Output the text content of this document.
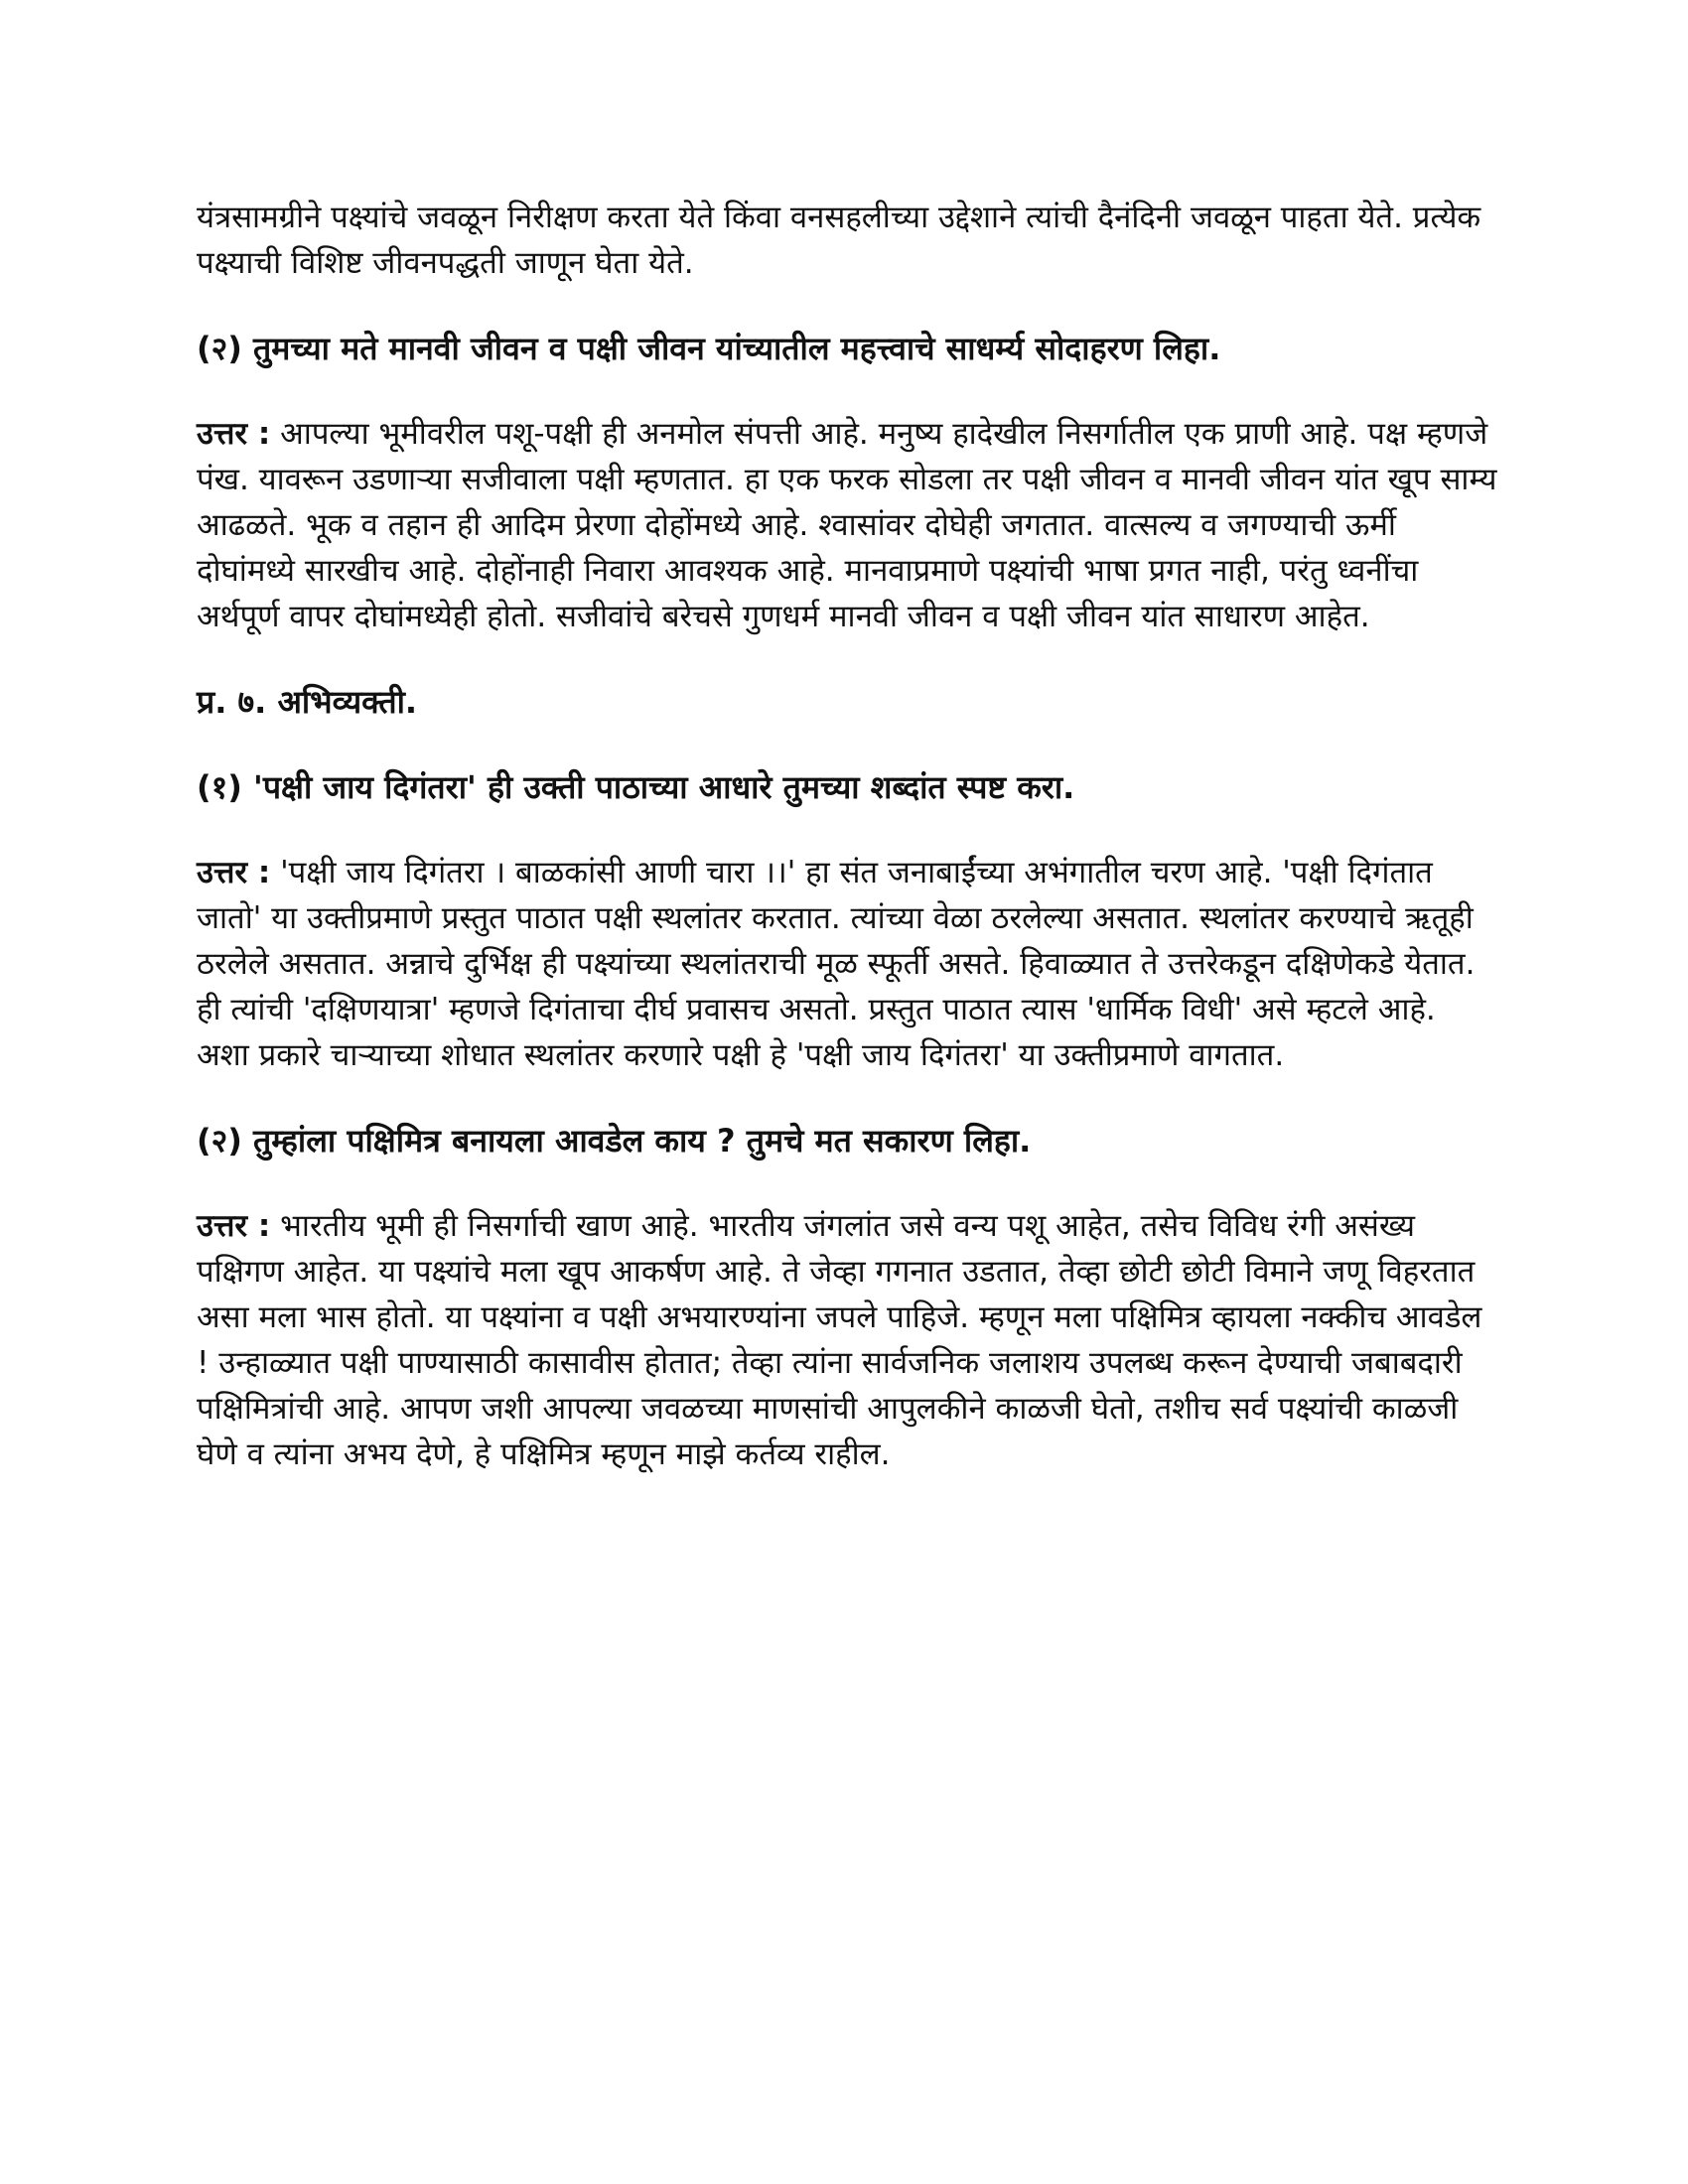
यंत्रसामग्रीने पक्ष्यांचे जवळून निरीक्षण करता येते किंवा वनसहलीच्या उद्देशाने त्यांची दैनंदिनी जवळून पाहता येते. प्रत्येक पक्ष्याची विशिष्ट जीवनपद्धती जाणून घेता येते.

(२) तुमच्या मते मानवी जीवन व पक्षी जीवन यांच्यातील महत्त्वाचे साधर्म्य सोदाहरण लिहा.

उत्तर : आपल्या भूमीवरील पशू-पक्षी ही अनमोल संपत्ती आहे. मनुष्य हादेखील निसर्गातील एक प्राणी आहे. पक्ष म्हणजे पंख. यावरून उडणाऱ्या सजीवाला पक्षी म्हणतात. हा एक फरक सोडला तर पक्षी जीवन व मानवी जीवन यांत खूप साम्य आढळते. भूक व तहान ही आदिम प्रेरणा दोहोंमध्ये आहे. श्वासांवर दोघेही जगतात. वात्सल्य व जगण्याची ऊर्मी दोघांमध्ये सारखीच आहे. दोहोंनाही निवारा आवश्यक आहे. मानवाप्रमाणे पक्ष्यांची भाषा प्रगत नाही, परंतु ध्वनींचा अर्थपूर्ण वापर दोघांमध्येही होतो. सजीवांचे बरेचसे गुणधर्म मानवी जीवन व पक्षी जीवन यांत साधारण आहेत.

प्र. ७. अभिव्यक्ती.

(१) 'पक्षी जाय दिगंतरा' ही उक्ती पाठाच्या आधारे तुमच्या शब्दांत स्पष्ट करा.

उत्तर : 'पक्षी जाय दिगंतरा । बाळकांसी आणी चारा ।।' हा संत जनाबाईंच्या अभंगातील चरण आहे. 'पक्षी दिगंतात जातो' या उक्तीप्रमाणे प्रस्तुत पाठात पक्षी स्थलांतर करतात. त्यांच्या वेळा ठरलेल्या असतात. स्थलांतर करण्याचे ऋतूही ठरलेले असतात. अन्नाचे दुर्भिक्ष ही पक्ष्यांच्या स्थलांतराची मूळ स्फूर्ती असते. हिवाळ्यात ते उत्तरेकडून दक्षिणेकडे येतात. ही त्यांची 'दक्षिणयात्रा' म्हणजे दिगंताचा दीर्घ प्रवासच असतो. प्रस्तुत पाठात त्यास 'धार्मिक विधी' असे म्हटले आहे. अशा प्रकारे चाऱ्याच्या शोधात स्थलांतर करणारे पक्षी हे 'पक्षी जाय दिगंतरा' या उक्तीप्रमाणे वागतात.

(२) तुम्हांला पक्षिमित्र बनायला आवडेल काय ? तुमचे मत सकारण लिहा.

उत्तर : भारतीय भूमी ही निसर्गाची खाण आहे. भारतीय जंगलांत जसे वन्य पशू आहेत, तसेच विविध रंगी असंख्य पक्षिगण आहेत. या पक्ष्यांचे मला खूप आकर्षण आहे. ते जेव्हा गगनात उडतात, तेव्हा छोटी छोटी विमाने जणू विहरतात असा मला भास होतो. या पक्ष्यांना व पक्षी अभयारण्यांना जपले पाहिजे. म्हणून मला पक्षिमित्र व्हायला नक्कीच आवडेल ! उन्हाळ्यात पक्षी पाण्यासाठी कासावीस होतात; तेव्हा त्यांना सार्वजनिक जलाशय उपलब्ध करून देण्याची जबाबदारी पक्षिमित्रांची आहे. आपण जशी आपल्या जवळच्या माणसांची आपुलकीने काळजी घेतो, तशीच सर्व पक्ष्यांची काळजी घेणे व त्यांना अभय देणे, हे पक्षिमित्र म्हणून माझे कर्तव्य राहील.
